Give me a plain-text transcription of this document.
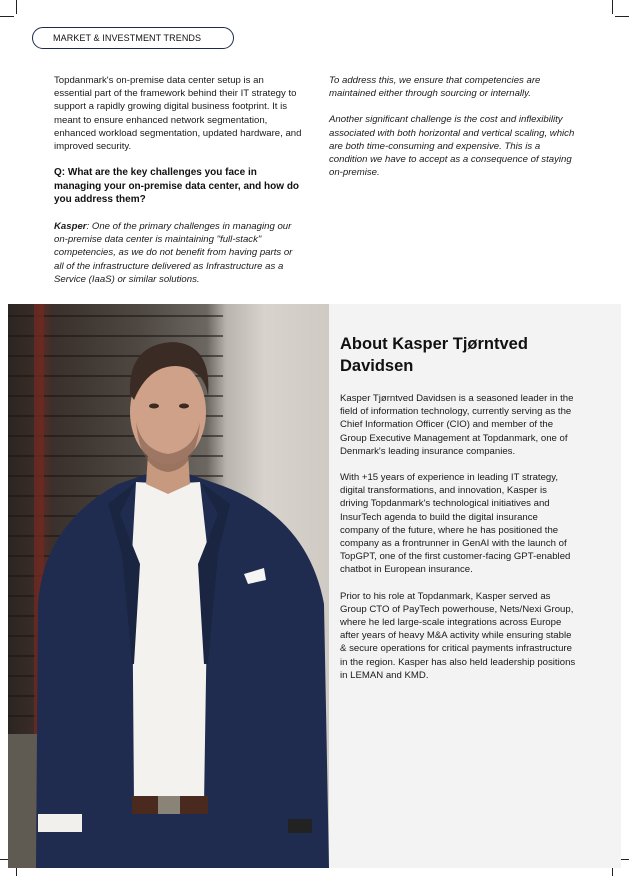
MARKET & INVESTMENT TRENDS

Topdanmark's on-premise data center setup is an essential part of the framework behind their IT strategy to support a rapidly growing digital business footprint. It is meant to ensure enhanced network segmentation, enhanced workload segmentation, updated hardware, and improved security.

Q: What are the key challenges you face in managing your on-premise data center, and how do you address them?

Kasper: One of the primary challenges in managing our on-premise data center is maintaining "full-stack" competencies, as we do not benefit from having parts or all of the infrastructure delivered as Infrastructure as a Service (IaaS) or similar solutions.

To address this, we ensure that competencies are maintained either through sourcing or internally.

Another significant challenge is the cost and inflexibility associated with both horizontal and vertical scaling, which are both time-consuming and expensive. This is a condition we have to accept as a consequence of staying on-premise.

About Kasper Tjørntved Davidsen

Kasper Tjørntved Davidsen is a seasoned leader in the field of information technology, currently serving as the Chief Information Officer (CIO) and member of the Group Executive Management at Topdanmark, one of Denmark's leading insurance companies.

With +15 years of experience in leading IT strategy, digital transformations, and innovation, Kasper is driving Topdanmark's technological initiatives and InsurTech agenda to build the digital insurance company of the future, where he has positioned the company as a frontrunner in GenAI with the launch of TopGPT, one of the first customer-facing GPT-enabled chatbot in European insurance.

Prior to his role at Topdanmark, Kasper served as Group CTO of PayTech powerhouse, Nets/Nexi Group, where he led large-scale integrations across Europe after years of heavy M&A activity while ensuring stable & secure operations for critical payments infrastructure in the region. Kasper has also held leadership positions in LEMAN and KMD.
